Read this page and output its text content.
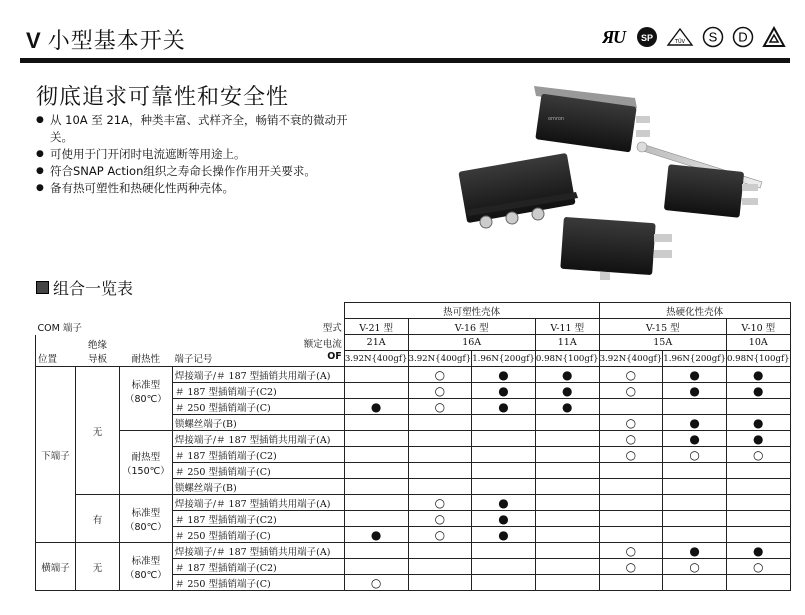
V 小型基本开关	Я
U SP	TÜV S D
彻底追求可靠性和安全性
● 从 10A 至 21A，种类丰富、式样齐全，畅销不衰的微动开关。
● 可使用于门开闭时电流遮断等用途上。
● 符合SNAP Action组织之寿命长操作作用开关要求。
● 备有热可塑性和热硬化性两种壳体。
omron
组合一览表
				热可塑性壳体				热硬化性壳体		
COM 端子			型式	V-21 型	V-16 型		V-11 型	V-15 型		V-10 型
	绝缘		额定电流	21A	16A		11A	15A		10A
位置	导板	耐热性	端子记号 OF	3.92N{400gf}	3.92N{400gf}	1.96N{200gf}	0.98N{100gf}	3.92N{400gf}	1.96N{200gf}	0.98N{100gf}
下端子	无	标准型
（80℃）	焊接端子/＃ 187 型插销共用端子(A)		○	●	●	○	●	●
			＃ 187 型插销端子(C2)		○	●	●	○	●	●
			＃ 250 型插销端子(C)	●	○	●	●			
			锁螺丝端子(B)					○	●	●
		耐热型
（150℃）	焊接端子/＃ 187 型插销共用端子(A)					○	●	●
			＃ 187 型插销端子(C2)					○	○	○
			＃ 250 型插销端子(C)							
			锁螺丝端子(B)							
	有	标准型
（80℃）	焊接端子/＃ 187 型插销共用端子(A)		○	●				
			＃ 187 型插销端子(C2)		○	●				
			＃ 250 型插销端子(C)	●	○	●				
横端子	无	标准型
（80℃）	焊接端子/＃ 187 型插销共用端子(A)					○	●	●
			＃ 187 型插销端子(C2)					○	○	○
			＃ 250 型插销端子(C)	○						
